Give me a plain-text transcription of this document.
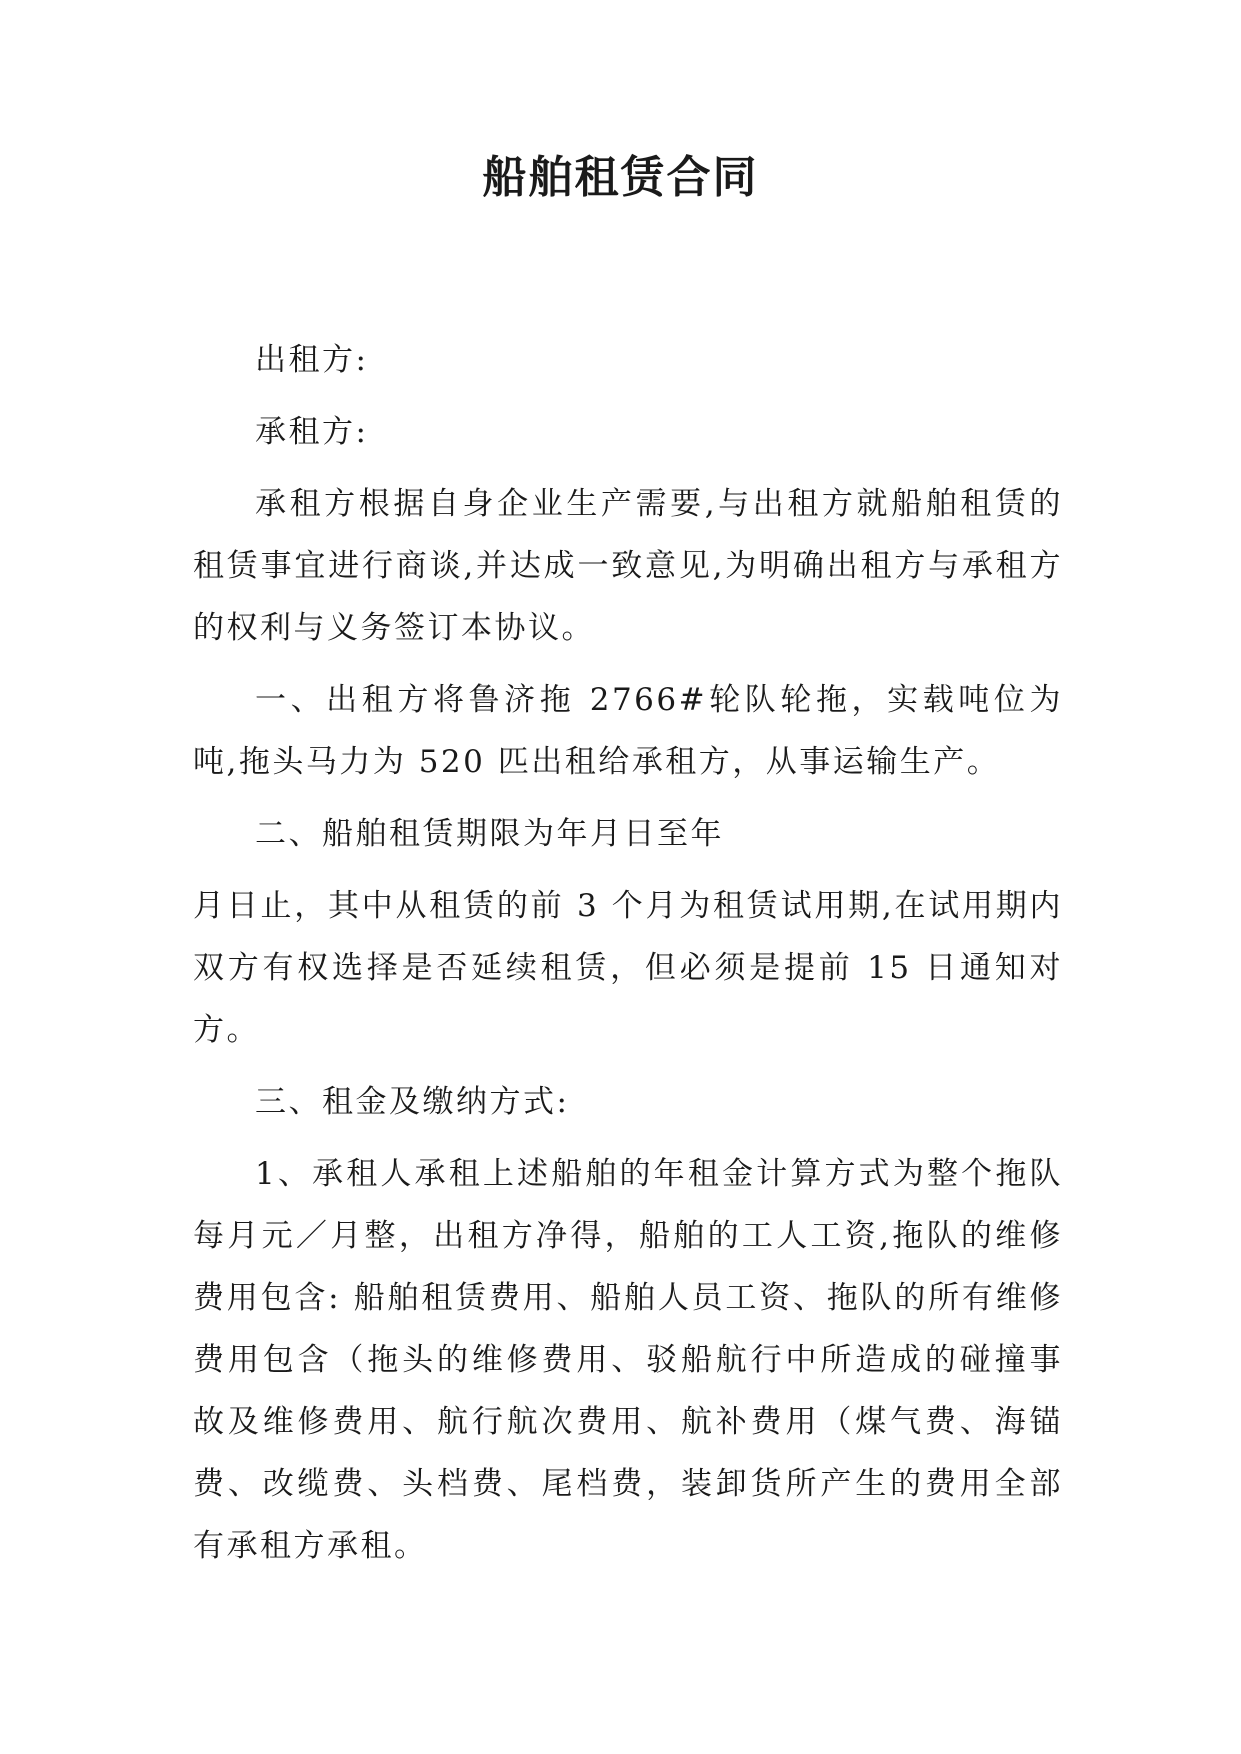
船舶租赁合同

出租方:

承租方:

承租方根据自身企业生产需要,与出租方就船舶租赁的租赁事宜进行商谈,并达成一致意见,为明确出租方与承租方的权利与义务签订本协议。

一、出租方将鲁济拖 2766#轮队轮拖，实载吨位为吨,拖头马力为 520 匹出租给承租方，从事运输生产。

二、船舶租赁期限为年月日至年

月日止，其中从租赁的前 3 个月为租赁试用期,在试用期内双方有权选择是否延续租赁，但必须是提前 15 日通知对方。

三、租金及缴纳方式:

1、承租人承租上述船舶的年租金计算方式为整个拖队每月元／月整，出租方净得，船舶的工人工资,拖队的维修费用包含: 船舶租赁费用、船舶人员工资、拖队的所有维修费用包含（拖头的维修费用、驳船航行中所造成的碰撞事故及维修费用、航行航次费用、航补费用（煤气费、海锚费、改缆费、头档费、尾档费，装卸货所产生的费用全部有承租方承租。
